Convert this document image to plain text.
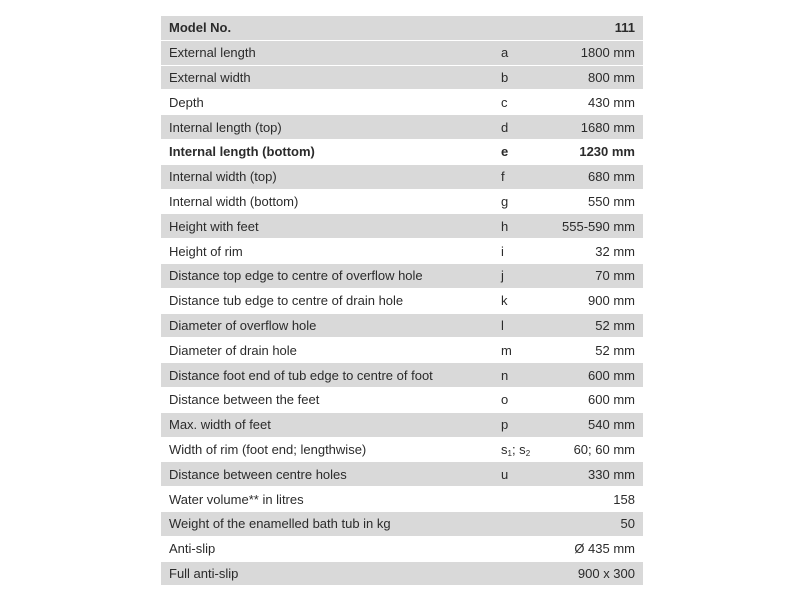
Model No.		111
External length	a	1800 mm
External width	b	800 mm
Depth	c	430 mm
Internal length (top)	d	1680 mm
Internal length (bottom)	e	1230 mm
Internal width (top)	f	680 mm
Internal width (bottom)	g	550 mm
Height with feet	h	555-590 mm
Height of rim	i	32 mm
Distance top edge to centre of overflow hole	j	70 mm
Distance tub edge to centre of drain hole	k	900 mm
Diameter of overflow hole	l	52 mm
Diameter of drain hole	m	52 mm
Distance foot end of tub edge to centre of foot	n	600 mm
Distance between the feet	o	600 mm
Max. width of feet	p	540 mm
Width of rim (foot end; lengthwise)	$s_1$; $s_2$	60; 60 mm
Distance between centre holes	u	330 mm
Water volume** in litres		158
Weight of the enamelled bath tub in kg		50
Anti-slip		Ø 435 mm
Full anti-slip		900 x 300
